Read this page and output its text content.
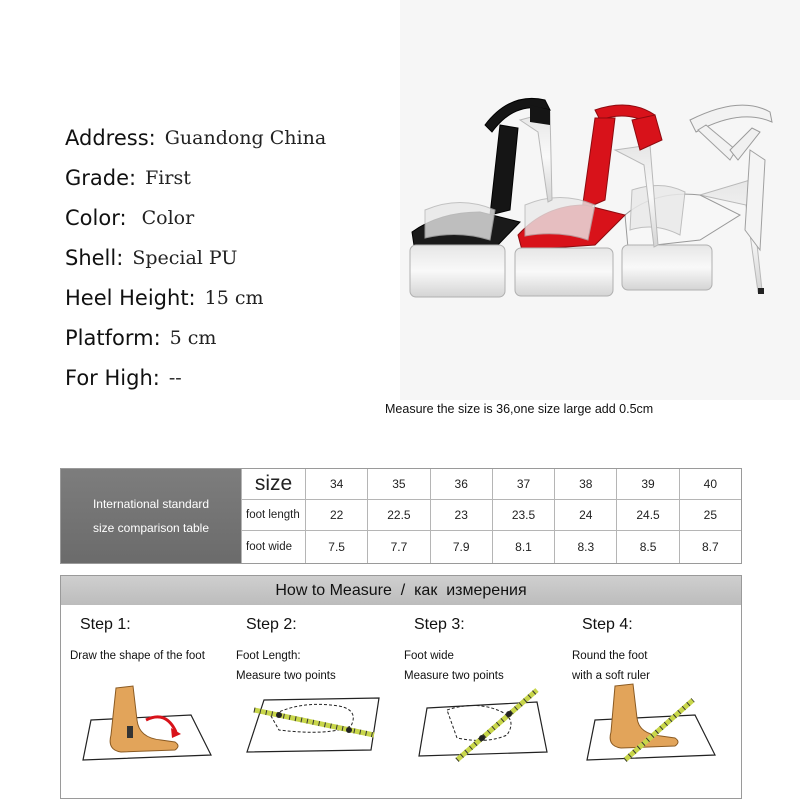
Address: Guandong China
Grade: First
Color: Color
Shell: Special PU
Heel Height: 15 cm
Platform: 5 cm
For High: --
Measure the size is 36,one size large add 0.5cm
International standard
size comparison table
size	34	35	36	37	38	39	40
foot length	22	22.5	23	23.5	24	24.5	25
foot wide	7.5	7.7	7.9	8.1	8.3	8.5	8.7
How to Measure  /  как  измерения
Step 1:
Draw the shape of the foot
Step 2:
Foot Length:
Measure two points
Step 3:
Foot wide
Measure two points
Step 4:
Round the foot
with a soft ruler
